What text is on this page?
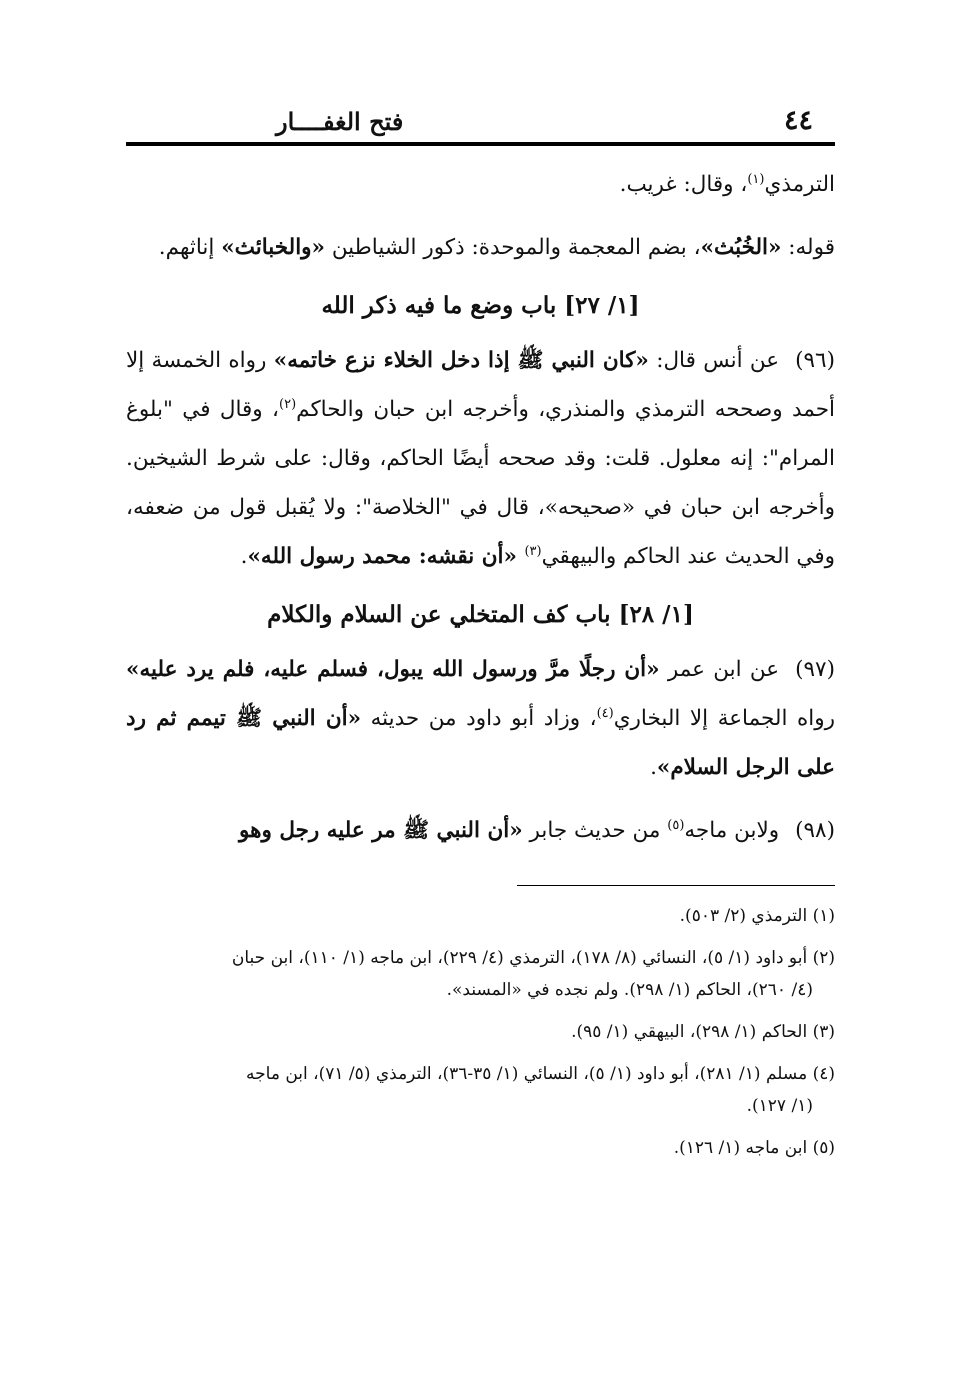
٤٤
فتح الغفــــار

الترمذي$^{(١)}$، وقال: غريب.

قوله: «الخُبُث»، بضم المعجمة والموحدة: ذكور الشياطين «والخبائث» إناثهم.

[١/ ٢٧] باب وضع ما فيه ذكر الله

(٩٦)عن أنس قال: «كان النبي ﷺ إذا دخل الخلاء نزع خاتمه» رواه الخمسة إلا أحمد وصححه الترمذي والمنذري، وأخرجه ابن حبان والحاكم$^{(٢)}$، وقال في "بلوغ المرام": إنه معلول. قلت: وقد صححه أيضًا الحاكم، وقال: على شرط الشيخين. وأخرجه ابن حبان في «صحيحه»، قال في "الخلاصة": ولا يُقبل قول من ضعفه، وفي الحديث عند الحاكم والبيهقي$^{(٣)}$ «أن نقشه: محمد رسول الله».

[١/ ٢٨] باب كف المتخلي عن السلام والكلام

(٩٧)عن ابن عمر «أن رجلًا مرَّ ورسول الله يبول، فسلم عليه، فلم يرد عليه» رواه الجماعة إلا البخاري$^{(٤)}$، وزاد أبو داود من حديثه «أن النبي ﷺ تيمم ثم رد على الرجل السلام».

(٩٨)ولابن ماجه$^{(٥)}$ من حديث جابر «أن النبي ﷺ مر عليه رجل وهو

(١) الترمذي (٢/ ٥٠٣).

(٢) أبو داود (١/ ٥)، النسائي (٨/ ١٧٨)، الترمذي (٤/ ٢٢٩)، ابن ماجه (١/ ١١٠)، ابن حبان
(٤/ ٢٦٠)، الحاكم (١/ ٢٩٨). ولم نجده في «المسند».

(٣) الحاكم (١/ ٢٩٨)، البيهقي (١/ ٩٥).

(٤) مسلم (١/ ٢٨١)، أبو داود (١/ ٥)، النسائي (١/ ٣٥-٣٦)، الترمذي (٥/ ٧١)، ابن ماجه
(١/ ١٢٧).

(٥) ابن ماجه (١/ ١٢٦).
